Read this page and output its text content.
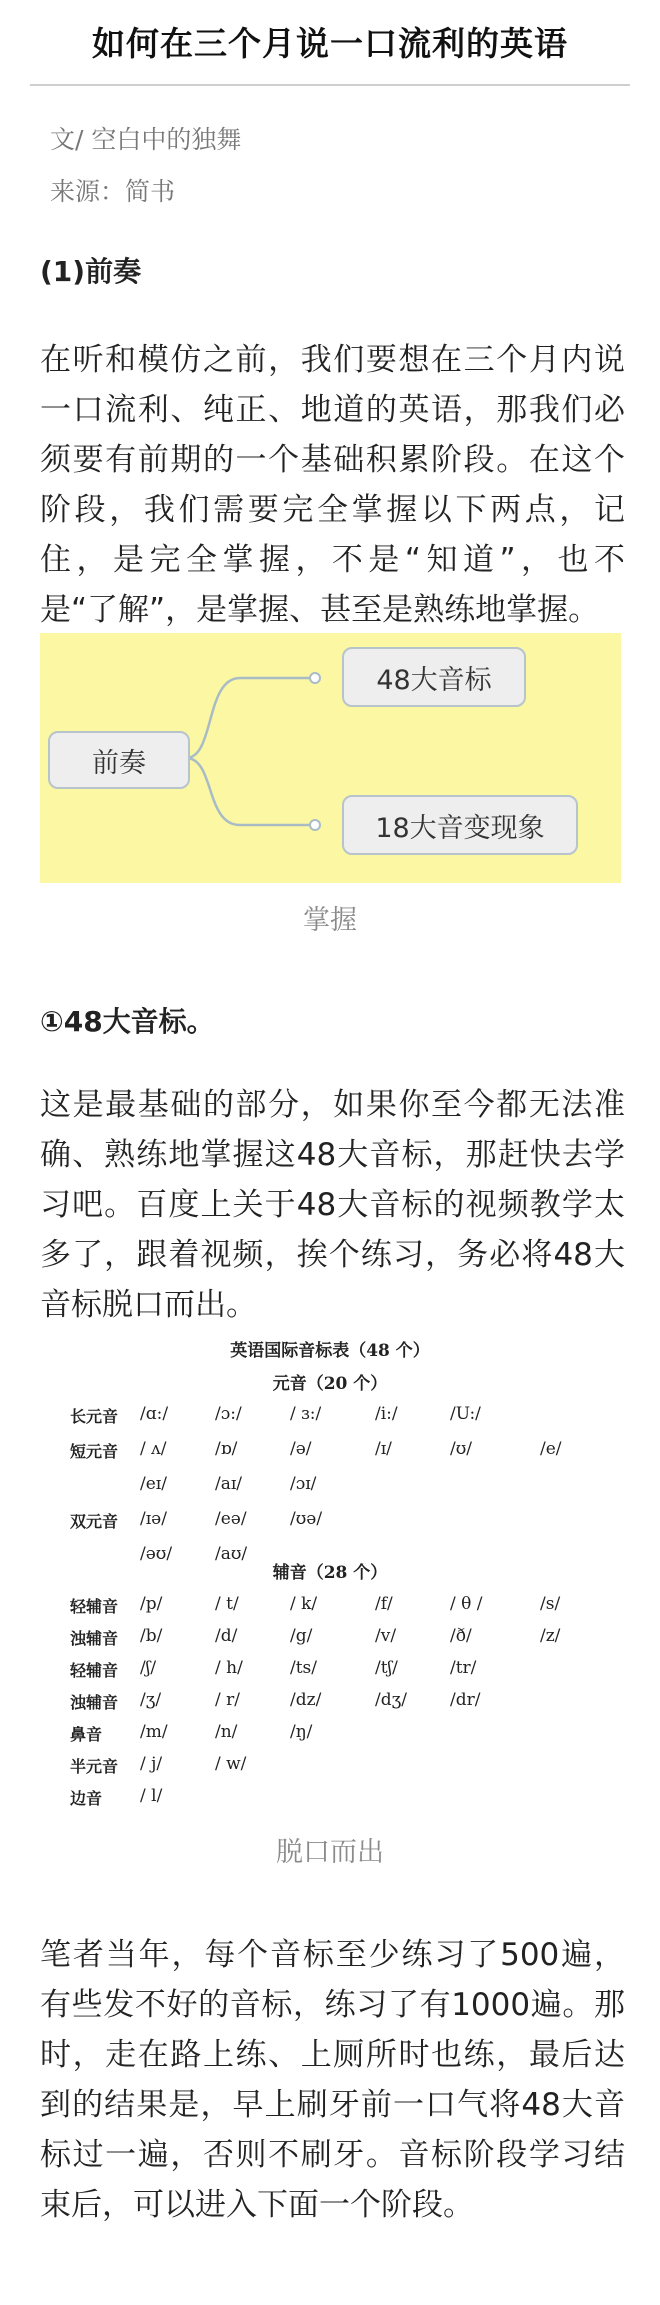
如何在三个月说一口流利的英语
文/ 空白中的独舞
来源：简书
(1)前奏
在听和模仿之前，我们要想在三个月内说
一口流利、纯正、地道的英语，那我们必
须要有前期的一个基础积累阶段。在这个
阶段，我们需要完全掌握以下两点，记
住，是完全掌握，不是“知道”，也不
是“了解”，是掌握、甚至是熟练地掌握。
前奏
48大音标
18大音变现象
掌握
①48大音标。
这是最基础的部分，如果你至今都无法准
确、熟练地掌握这48大音标，那赶快去学
习吧。百度上关于48大音标的视频教学太
多了，跟着视频，挨个练习，务必将48大
音标脱口而出。
英语国际音标表（48 个）
元音（20 个）
辅音（28 个）
长元音 /ɑ:/	/ɔ:/	/ ɜ:/	/i:/	/U:/
短元音 / ʌ/	/ɒ/	/ə/	/ɪ/	/ʊ/	/e/
/eɪ/	/aɪ/	/ɔɪ/
双元音 /ɪə/	/eə/	/ʊə/
/əʊ/	/aʊ/
轻辅音 /p/	/ t/	/ k/	/f/	/ θ /	/s/
浊辅音 /b/	/d/	/g/	/v/	/ð/	/z/
轻辅音 /ʃ/	/ h/	/ts/	/tʃ/	/tr/
浊辅音 /ʒ/	/ r/	/dz/	/dʒ/	/dr/
鼻音 /m/	/n/	/ŋ/
半元音 / j/	/ w/
边音 / l/
脱口而出
笔者当年，每个音标至少练习了500遍，
有些发不好的音标，练习了有1000遍。那
时，走在路上练、上厕所时也练，最后达
到的结果是，早上刷牙前一口气将48大音
标过一遍，否则不刷牙。音标阶段学习结
束后，可以进入下面一个阶段。
